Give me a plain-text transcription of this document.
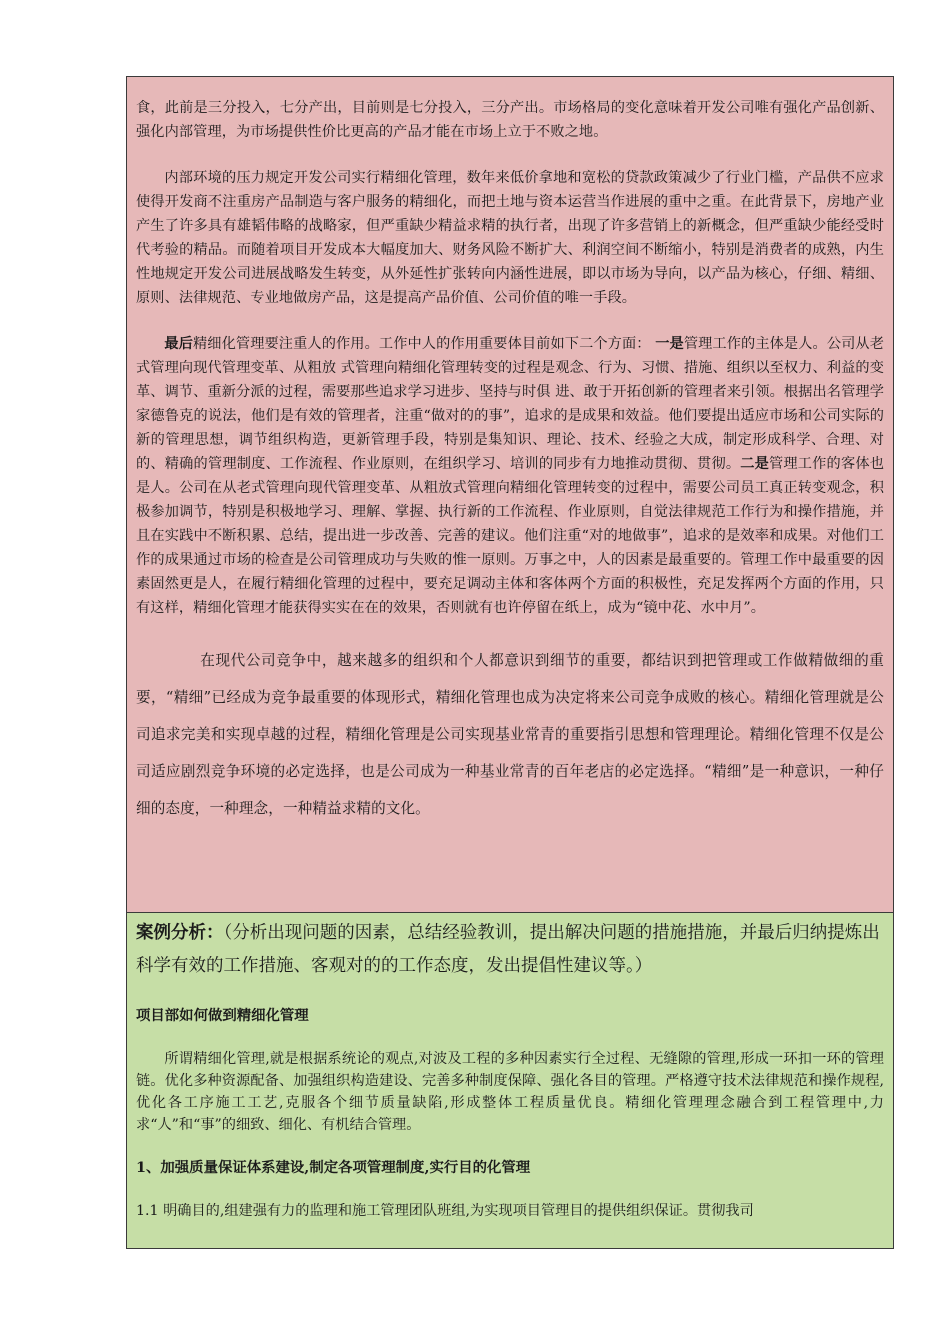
食，此前是三分投入，七分产出，目前则是七分投入，三分产出。市场格局的变化意味着开发公司唯有强化产品创新、强化内部管理，为市场提供性价比更高的产品才能在市场上立于不败之地。

内部环境的压力规定开发公司实行精细化管理，数年来低价拿地和宽松的贷款政策减少了行业门槛，产品供不应求使得开发商不注重房产品制造与客户服务的精细化，而把土地与资本运营当作进展的重中之重。在此背景下，房地产业产生了许多具有雄韬伟略的战略家，但严重缺少精益求精的执行者，出现了许多营销上的新概念，但严重缺少能经受时代考验的精品。而随着项目开发成本大幅度加大、财务风险不断扩大、利润空间不断缩小，特别是消费者的成熟，内生性地规定开发公司进展战略发生转变，从外延性扩张转向内涵性进展，即以市场为导向，以产品为核心，仔细、精细、原则、法律规范、专业地做房产品，这是提高产品价值、公司价值的唯一手段。

最后精细化管理要注重人的作用。工作中人的作用重要体目前如下二个方面： 一是管理工作的主体是人。公司从老式管理向现代管理变革、从粗放 式管理向精细化管理转变的过程是观念、行为、习惯、措施、组织以至权力、利益的变革、调节、重新分派的过程，需要那些追求学习进步、坚持与时俱 进、敢于开拓创新的管理者来引领。根据出名管理学家德鲁克的说法，他们是有效的管理者，注重“做对的的事”，追求的是成果和效益。他们要提出适应市场和公司实际的新的管理思想，调节组织构造，更新管理手段，特别是集知识、理论、技术、经验之大成，制定形成科学、合理、对的、精确的管理制度、工作流程、作业原则，在组织学习、培训的同步有力地推动贯彻、贯彻。二是管理工作的客体也是人。公司在从老式管理向现代管理变革、从粗放式管理向精细化管理转变的过程中，需要公司员工真正转变观念，积极参加调节，特别是积极地学习、理解、掌握、执行新的工作流程、作业原则，自觉法律规范工作行为和操作措施，并且在实践中不断积累、总结，提出进一步改善、完善的建议。他们注重“对的地做事”，追求的是效率和成果。对他们工作的成果通过市场的检查是公司管理成功与失败的惟一原则。万事之中，人的因素是最重要的。管理工作中最重要的因素固然更是人，在履行精细化管理的过程中，要充足调动主体和客体两个方面的积极性，充足发挥两个方面的作用，只有这样，精细化管理才能获得实实在在的效果，否则就有也许停留在纸上，成为“镜中花、水中月”。

在现代公司竞争中，越来越多的组织和个人都意识到细节的重要，都结识到把管理或工作做精做细的重要，“精细”已经成为竞争最重要的体现形式，精细化管理也成为决定将来公司竞争成败的核心。精细化管理就是公司追求完美和实现卓越的过程，精细化管理是公司实现基业常青的重要指引思想和管理理论。精细化管理不仅是公司适应剧烈竞争环境的必定选择，也是公司成为一种基业常青的百年老店的必定选择。“精细”是一种意识，一种仔细的态度，一种理念，一种精益求精的文化。

案例分析：（分析出现问题的因素，总结经验教训，提出解决问题的措施措施，并最后归纳提炼出科学有效的工作措施、客观对的的工作态度，发出提倡性建议等。）

项目部如何做到精细化管理

所谓精细化管理,就是根据系统论的观点,对波及工程的多种因素实行全过程、无缝隙的管理,形成一环扣一环的管理链。优化多种资源配备、加强组织构造建设、完善多种制度保障、强化各目的管理。严格遵守技术法律规范和操作规程,优化各工序施工工艺,克服各个细节质量缺陷,形成整体工程质量优良。精细化管理理念融合到工程管理中,力求“人”和“事”的细致、细化、有机结合管理。

1、加强质量保证体系建设,制定各项管理制度,实行目的化管理

1.1 明确目的,组建强有力的监理和施工管理团队班组,为实现项目管理目的提供组织保证。贯彻我司
